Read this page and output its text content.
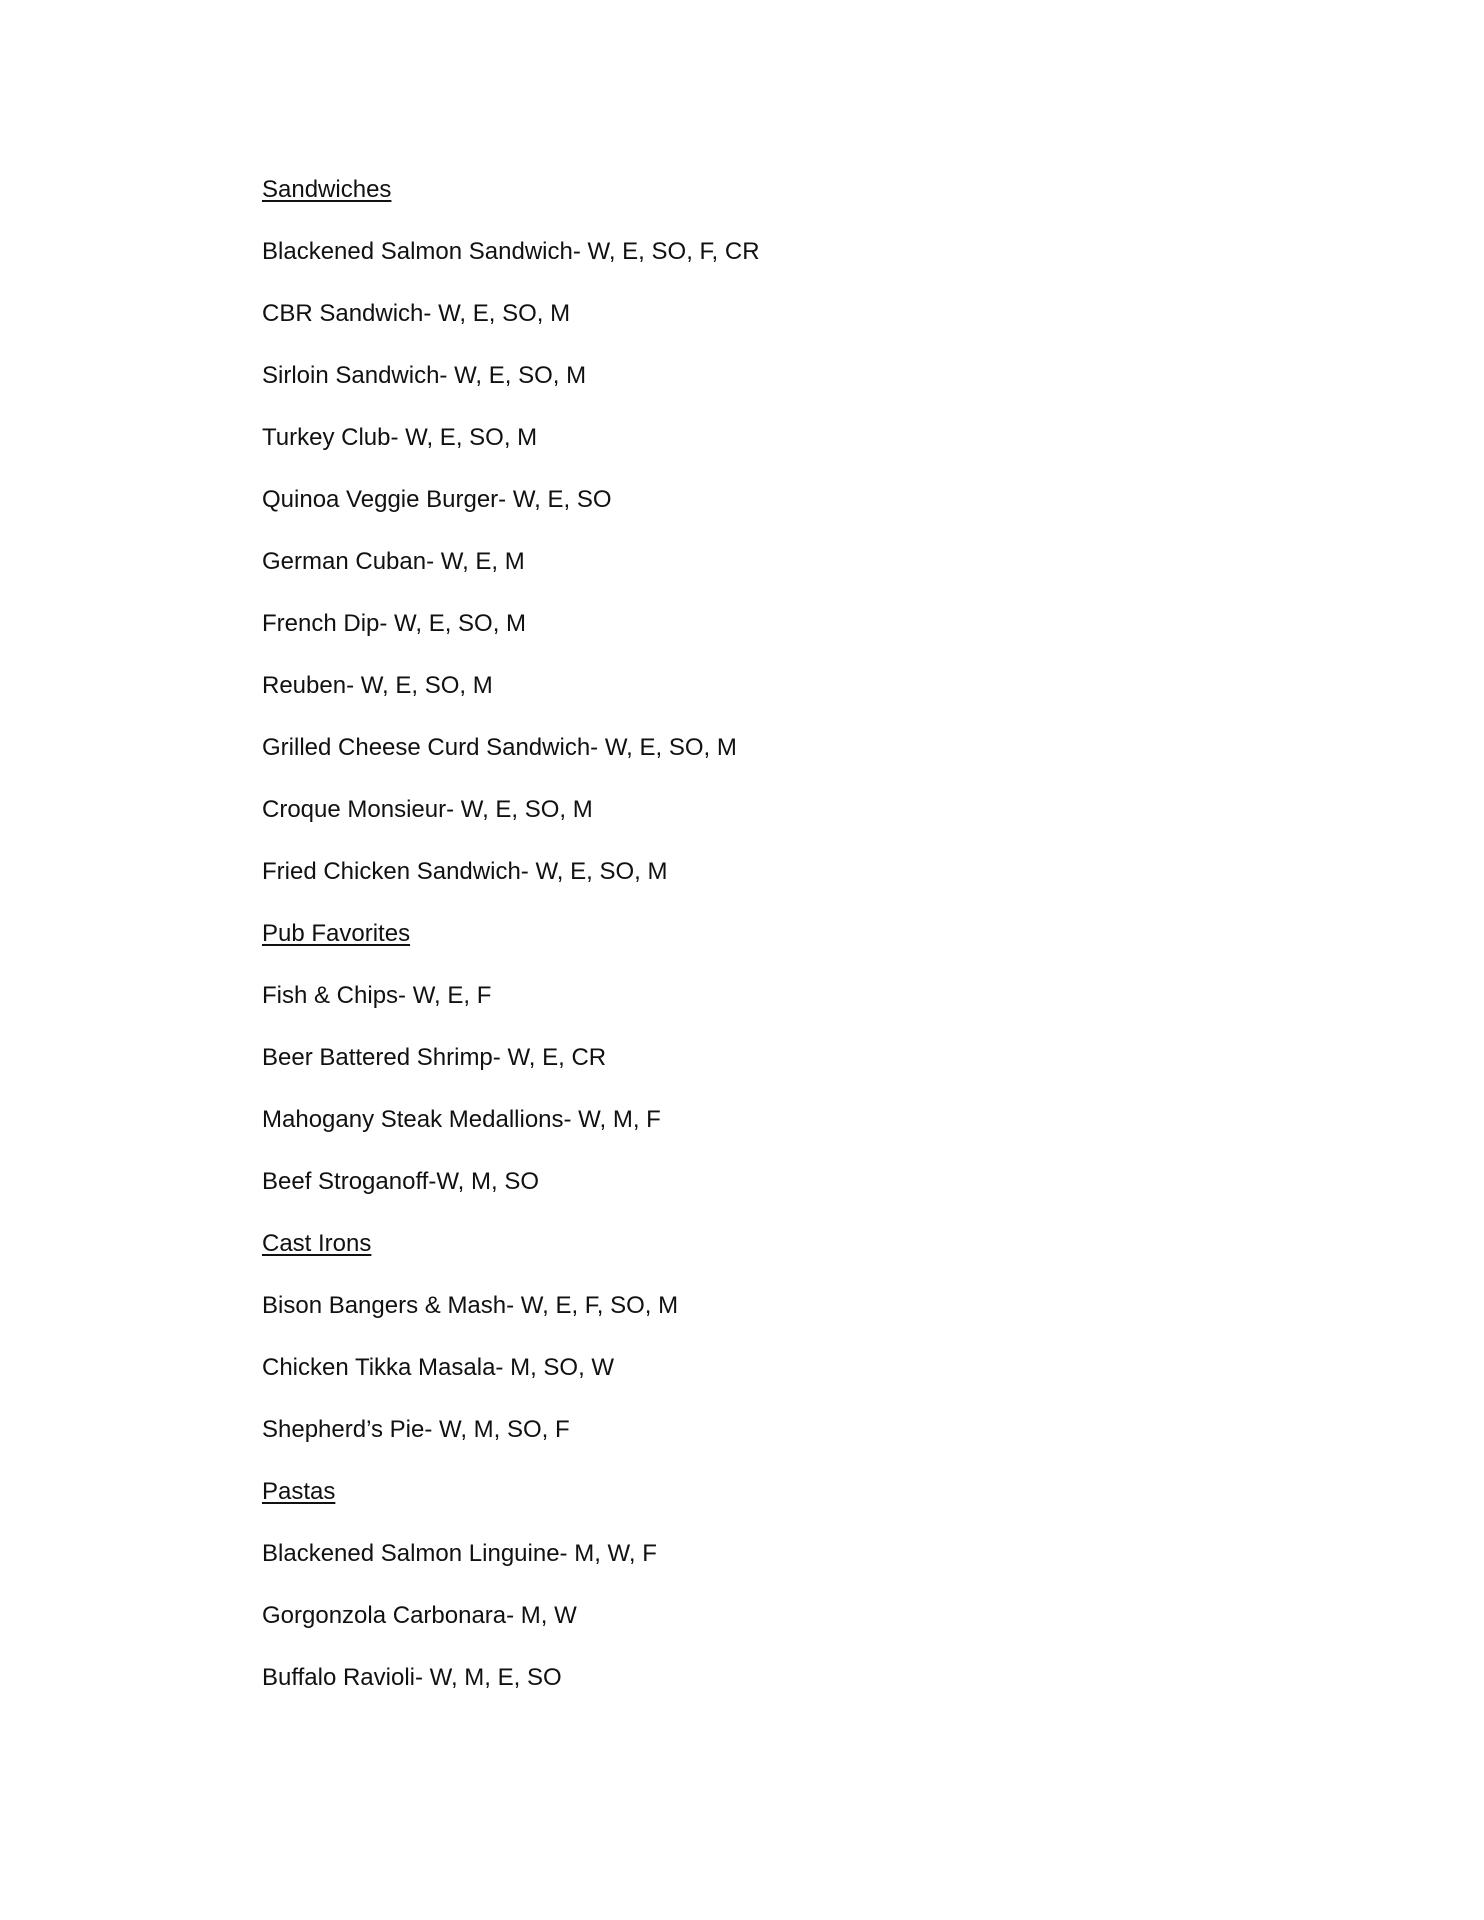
Sandwiches
Blackened Salmon Sandwich- W, E, SO, F, CR
CBR Sandwich- W, E, SO, M
Sirloin Sandwich- W, E, SO, M
Turkey Club- W, E, SO, M
Quinoa Veggie Burger- W, E, SO
German Cuban- W, E, M
French Dip- W, E, SO, M
Reuben- W, E, SO, M
Grilled Cheese Curd Sandwich- W, E, SO, M
Croque Monsieur- W, E, SO, M
Fried Chicken Sandwich- W, E, SO, M
Pub Favorites
Fish & Chips- W, E, F
Beer Battered Shrimp- W, E, CR
Mahogany Steak Medallions- W, M, F
Beef Stroganoff-W, M, SO
Cast Irons
Bison Bangers & Mash- W, E, F, SO, M
Chicken Tikka Masala- M, SO, W
Shepherd’s Pie- W, M, SO, F
Pastas
Blackened Salmon Linguine- M, W, F
Gorgonzola Carbonara- M, W
Buffalo Ravioli- W, M, E, SO
